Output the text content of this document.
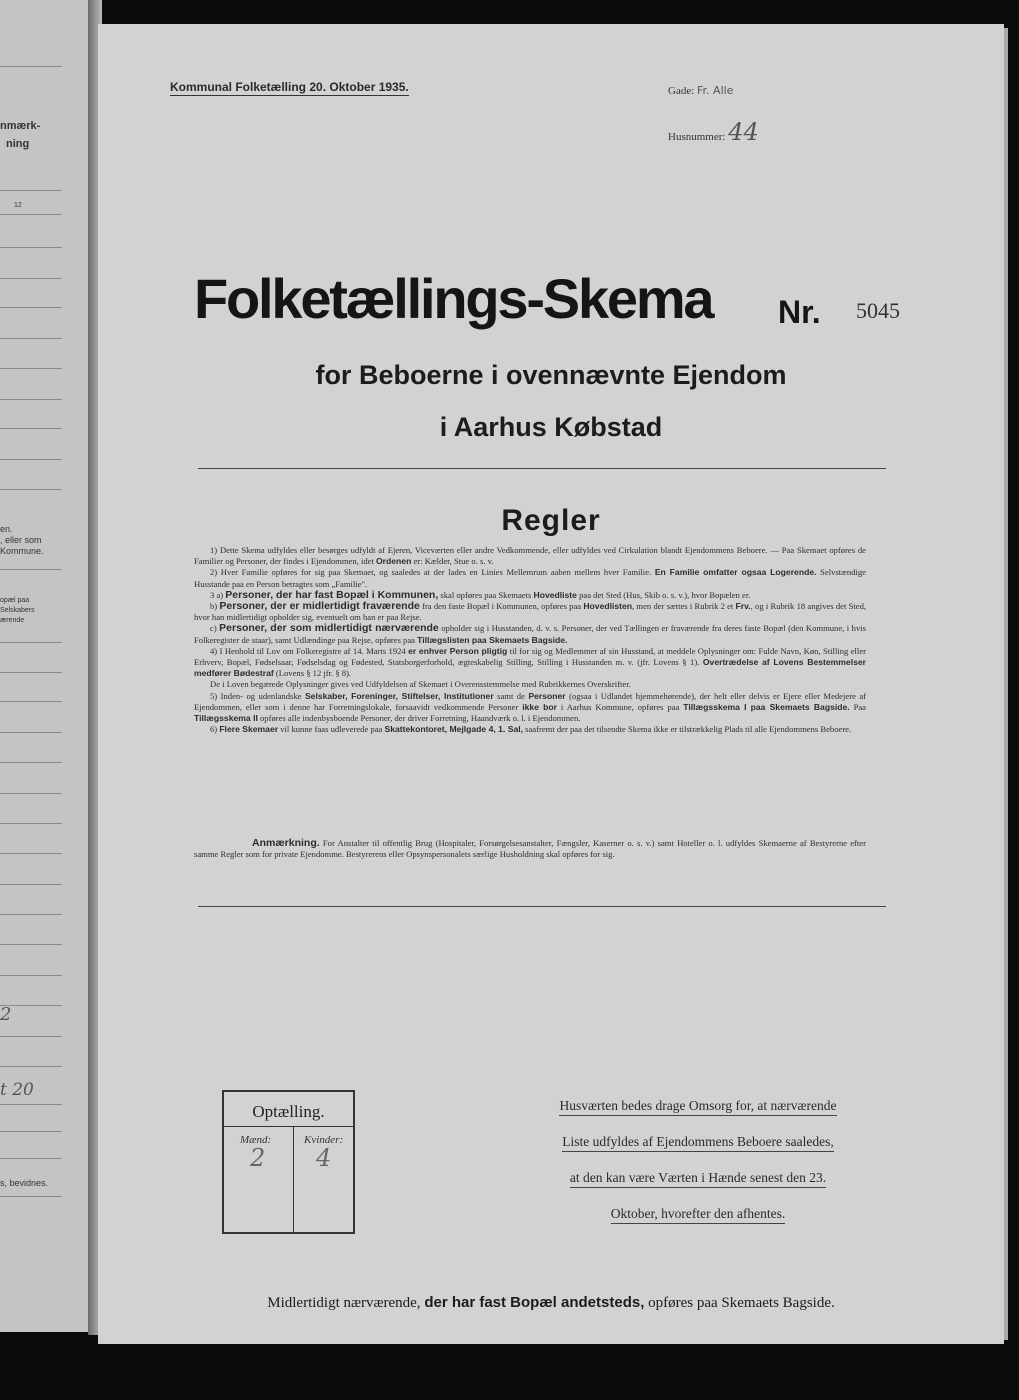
nmærk-
ning
12
en.
, eller som
Kommune.
opæl paa
Selskabers
ærende
2
t 20
s, bevidnes.
Kommunal Folketælling 20. Oktober 1935.	Gade: Fr. Alle
Husnummer: 44
Folketællings-Skema Nr. 5045
for Beboerne i ovennævnte Ejendom
i Aarhus Købstad
Regler

1) Dette Skema udfyldes eller besørges udfyldt af Ejeren, Viceværten eller andre Vedkommende, eller udfyldes ved Cirkulation blandt Ejendommens Beboere. — Paa Skemaet opføres de Familier og Personer, der findes i Ejendommen, idet Ordenen er: Kælder, Stue o. s. v.

2) Hver Familie opføres for sig paa Skemaet, og saaledes at der lades en Linies Mellemrum aaben mellem hver Familie. En Familie omfatter ogsaa Logerende. Selvstændige Husstande paa en Person betragtes som „Familie".

3 a) Personer, der har fast Bopæl i Kommunen, skal opføres paa Skemaets Hovedliste paa det Sted (Hus, Skib o. s. v.), hvor Bopælen er.

b) Personer, der er midlertidigt fraværende fra den faste Bopæl i Kommunen, opføres paa Hovedlisten, men der sættes i Rubrik 2 et Frv., og i Rubrik 18 angives det Sted, hvor han midlertidigt opholder sig, eventuelt om han er paa Rejse.

c) Personer, der som midlertidigt nærværende opholder sig i Husstanden, d. v. s. Personer, der ved Tællingen er fraværende fra deres faste Bopæl (den Kommune, i hvis Folkeregister de staar), samt Udlændinge paa Rejse, opføres paa Tillægslisten paa Skemaets Bagside.

4) I Henhold til Lov om Folkeregistre af 14. Marts 1924 er enhver Person pligtig til for sig og Medlemmer af sin Husstand, at meddele Oplysninger om: Fulde Navn, Køn, Stilling eller Erhverv, Bopæl, Fødselsaar, Fødselsdag og Fødested, Statsborgerforhold, ægteskabelig Stilling, Stilling i Husstanden m. v. (jfr. Lovens § 1). Overtrædelse af Lovens Bestemmelser medfører Bødestraf (Lovens § 12 jfr. § 8).

De i Loven begærede Oplysninger gives ved Udfyldelsen af Skemaet i Overensstemmelse med Rubrikkernes Overskrifter.

5) Inden- og udenlandske Selskaber, Foreninger, Stiftelser, Institutioner samt de Personer (ogsaa i Udlandet hjemmehørende), der helt eller delvis er Ejere eller Medejere af Ejendommen, eller som i denne har Forretningslokale, forsaavidt vedkommende Personer ikke bor i Aarhus Kommune, opføres paa Tillægsskema I paa Skemaets Bagside. Paa Tillægsskema II opføres alle indenbysboende Personer, der driver Forretning, Haandværk o. l. i Ejendommen.

6) Flere Skemaer vil kunne faas udleverede paa Skattekontoret, Mejlgade 4, 1. Sal, saafremt der paa det tilsendte Skema ikke er tilstrækkelig Plads til alle Ejendommens Beboere.

Anmærkning. For Anstalter til offentlig Brug (Hospitaler, Forsørgelsesanstalter, Fængsler, Kaserner o. s. v.) samt Hoteller o. l. udfyldes Skemaerne af Bestyrerne efter samme Regler som for private Ejendomme. Bestyrerens eller Opsynspersonalets særlige Husholdning skal opføres for sig.
Optælling.
Mænd:
2
Kvinder:
4
Husværten bedes drage Omsorg for, at nærværende
Liste udfyldes af Ejendommens Beboere saaledes,
at den kan være Værten i Hænde senest den 23.
Oktober, hvorefter den afhentes.
Midlertidigt nærværende, der har fast Bopæl andetsteds, opføres paa Skemaets Bagside.
